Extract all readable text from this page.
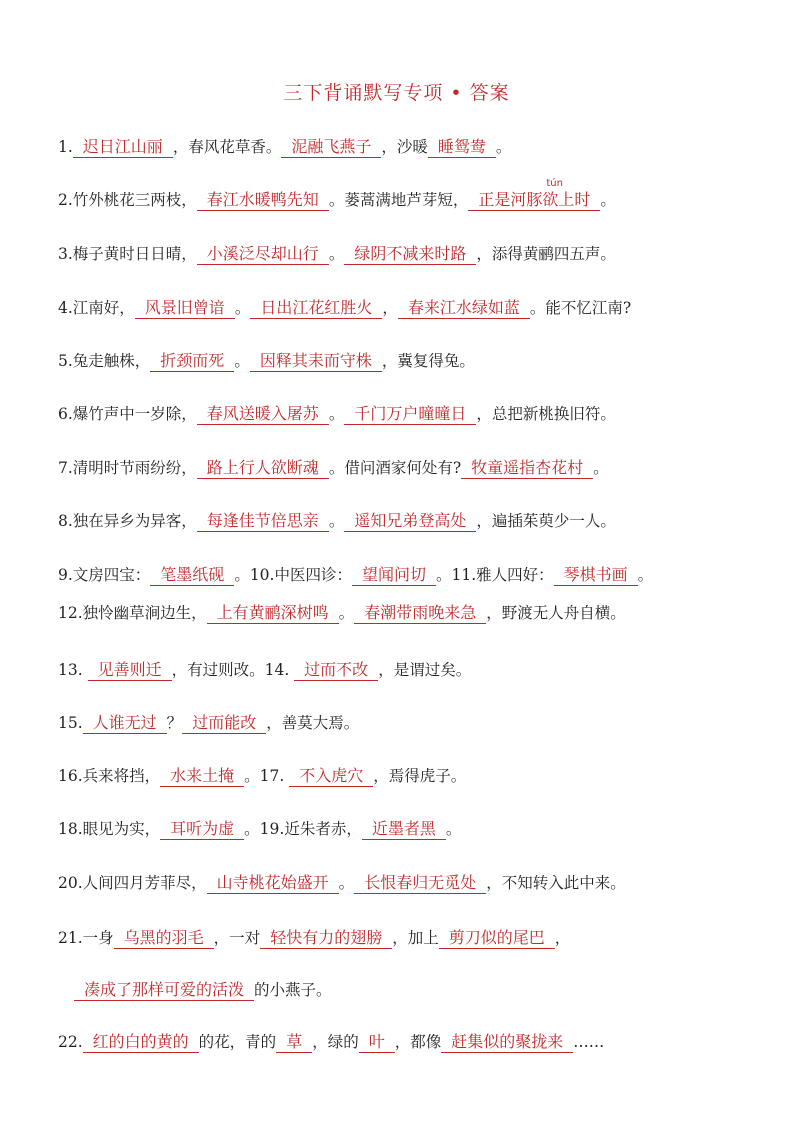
三下背诵默写专项 • 答案
1. 迟日江山丽 ，春风花草香。 泥融飞燕子 ，沙暖 睡鸳鸯 。
2.竹外桃花三两枝， 春江水暖鸭先知 。蒌蒿满地芦芽短， 正是河豚欲上时
tún
。
3.梅子黄时日日晴， 小溪泛尽却山行 。 绿阴不减来时路 ，添得黄鹂四五声。
4.江南好， 风景旧曾谙 。 日出江花红胜火 ， 春来江水绿如蓝 。能不忆江南?
5.兔走触株， 折颈而死 。 因释其耒而守株 ，冀复得兔。
6.爆竹声中一岁除， 春风送暖入屠苏 。 千门万户曈曈日 ，总把新桃换旧符。
7.清明时节雨纷纷， 路上行人欲断魂 。借问酒家何处有? 牧童遥指杏花村 。
8.独在异乡为异客， 每逢佳节倍思亲 。 遥知兄弟登高处 ，遍插茱萸少一人。
9.文房四宝： 笔墨纸砚 。10.中医四诊： 望闻问切 。11.雅人四好： 琴棋书画 。
12.独怜幽草涧边生， 上有黄鹂深树鸣 。 春潮带雨晚来急 ，野渡无人舟自横。
13. 见善则迁 ，有过则改。14. 过而不改 ，是谓过矣。
15. 人谁无过 ？ 过而能改 ，善莫大焉。
16.兵来将挡， 水来土掩 。17. 不入虎穴 ，焉得虎子。
18.眼见为实， 耳听为虚 。19.近朱者赤， 近墨者黑 。
20.人间四月芳菲尽， 山寺桃花始盛开 。 长恨春归无觅处 ，不知转入此中来。
21.一身 乌黑的羽毛 ，一对 轻快有力的翅膀 ，加上 剪刀似的尾巴 ，
凑成了那样可爱的活泼 的小燕子。
22. 红的白的黄的 的花，青的 草 ，绿的 叶 ，都像 赶集似的聚拢来 ……
